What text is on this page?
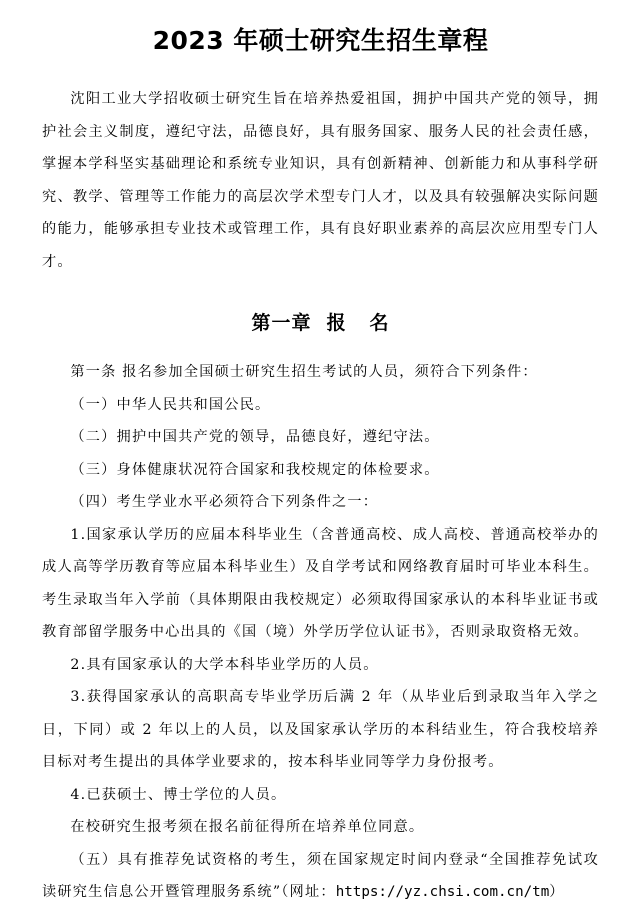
2023 年硕士研究生招生章程

沈阳工业大学招收硕士研究生旨在培养热爱祖国，拥护中国共产党的领导，拥护社会主义制度，遵纪守法，品德良好，具有服务国家、服务人民的社会责任感，掌握本学科坚实基础理论和系统专业知识，具有创新精神、创新能力和从事科学研究、教学、管理等工作能力的高层次学术型专门人才，以及具有较强解决实际问题的能力，能够承担专业技术或管理工作，具有良好职业素养的高层次应用型专门人才。

第一章  报   名

第一条 报名参加全国硕士研究生招生考试的人员，须符合下列条件：

（一）中华人民共和国公民。

（二）拥护中国共产党的领导，品德良好，遵纪守法。

（三）身体健康状况符合国家和我校规定的体检要求。

（四）考生学业水平必须符合下列条件之一：

1.国家承认学历的应届本科毕业生（含普通高校、成人高校、普通高校举办的成人高等学历教育等应届本科毕业生）及自学考试和网络教育届时可毕业本科生。考生录取当年入学前（具体期限由我校规定）必须取得国家承认的本科毕业证书或教育部留学服务中心出具的《国（境）外学历学位认证书》，否则录取资格无效。

2.具有国家承认的大学本科毕业学历的人员。

3.获得国家承认的高职高专毕业学历后满 2 年（从毕业后到录取当年入学之日，下同）或 2 年以上的人员，以及国家承认学历的本科结业生，符合我校培养目标对考生提出的具体学业要求的，按本科毕业同等学力身份报考。

4.已获硕士、博士学位的人员。

在校研究生报考须在报名前征得所在培养单位同意。

（五）具有推荐免试资格的考生，须在国家规定时间内登录“全国推荐免试攻读研究生信息公开暨管理服务系统”（网址：https://yz.chsi.com.cn/tm）
